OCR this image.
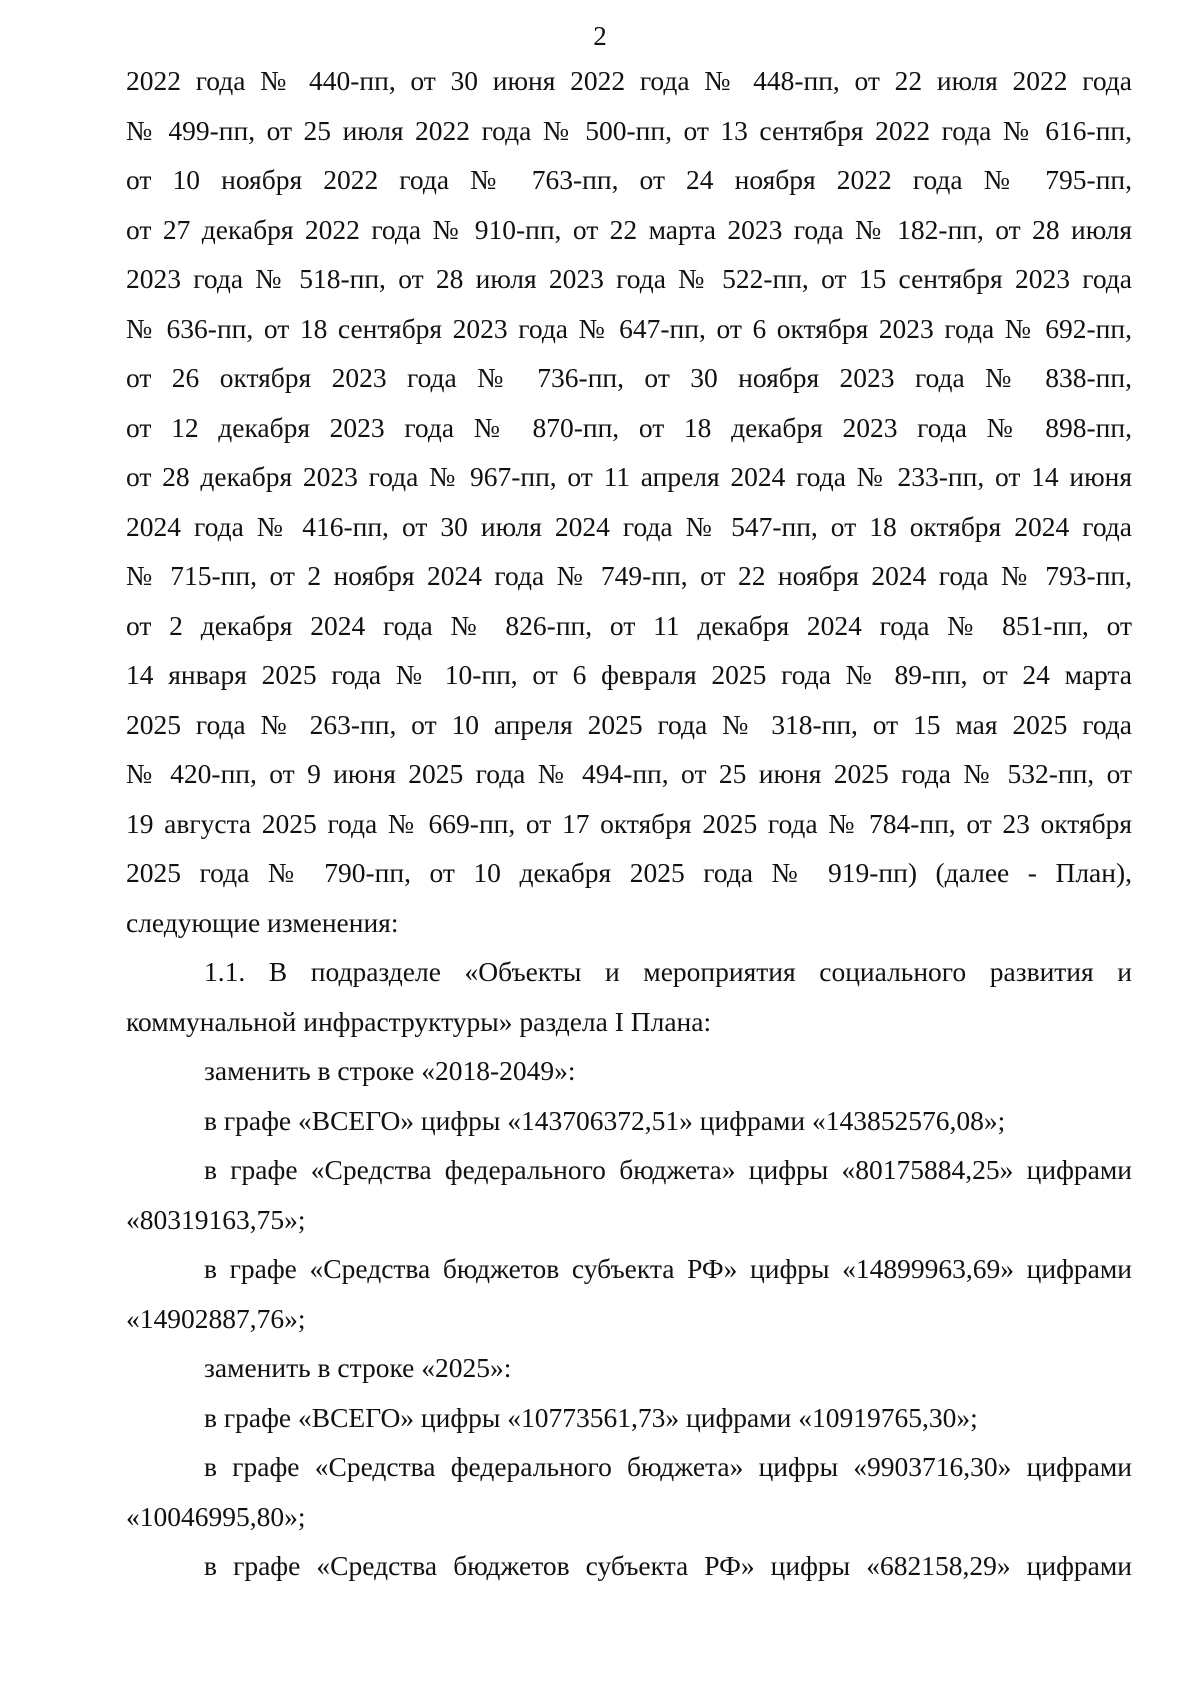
2
2022 года № 440-пп, от 30 июня 2022 года № 448-пп, от 22 июля 2022 года
№ 499-пп, от 25 июля 2022 года № 500-пп, от 13 сентября 2022 года № 616-пп,
от 10 ноября 2022 года № 763-пп, от 24 ноября 2022 года № 795-пп,
от 27 декабря 2022 года № 910-пп, от 22 марта 2023 года № 182-пп, от 28 июля
2023 года № 518-пп, от 28 июля 2023 года № 522-пп, от 15 сентября 2023 года
№ 636-пп, от 18 сентября 2023 года № 647-пп, от 6 октября 2023 года № 692-пп,
от 26 октября 2023 года № 736-пп, от 30 ноября 2023 года № 838-пп,
от 12 декабря 2023 года № 870-пп, от 18 декабря 2023 года № 898-пп,
от 28 декабря 2023 года № 967-пп, от 11 апреля 2024 года № 233-пп, от 14 июня
2024 года № 416-пп, от 30 июля 2024 года № 547-пп, от 18 октября 2024 года
№ 715-пп, от 2 ноября 2024 года № 749-пп, от 22 ноября 2024 года № 793-пп,
от 2 декабря 2024 года № 826-пп, от 11 декабря 2024 года № 851-пп, от
14 января 2025 года № 10-пп, от 6 февраля 2025 года № 89-пп, от 24 марта
2025 года № 263-пп, от 10 апреля 2025 года № 318-пп, от 15 мая 2025 года
№ 420-пп, от 9 июня 2025 года № 494-пп, от 25 июня 2025 года № 532-пп, от
19 августа 2025 года № 669-пп, от 17 октября 2025 года № 784-пп, от 23 октября
2025 года № 790-пп, от 10 декабря 2025 года № 919-пп) (далее - План),
следующие изменения:
1.1. В подразделе «Объекты и мероприятия социального развития и
коммунальной инфраструктуры» раздела I Плана:
заменить в строке «2018-2049»:
в графе «ВСЕГО» цифры «143706372,51» цифрами «143852576,08»;
в графе «Средства федерального бюджета» цифры «80175884,25» цифрами
«80319163,75»;
в графе «Средства бюджетов субъекта РФ» цифры «14899963,69» цифрами
«14902887,76»;
заменить в строке «2025»:
в графе «ВСЕГО» цифры «10773561,73» цифрами «10919765,30»;
в графе «Средства федерального бюджета» цифры «9903716,30» цифрами
«10046995,80»;
в графе «Средства бюджетов субъекта РФ» цифры «682158,29» цифрами
